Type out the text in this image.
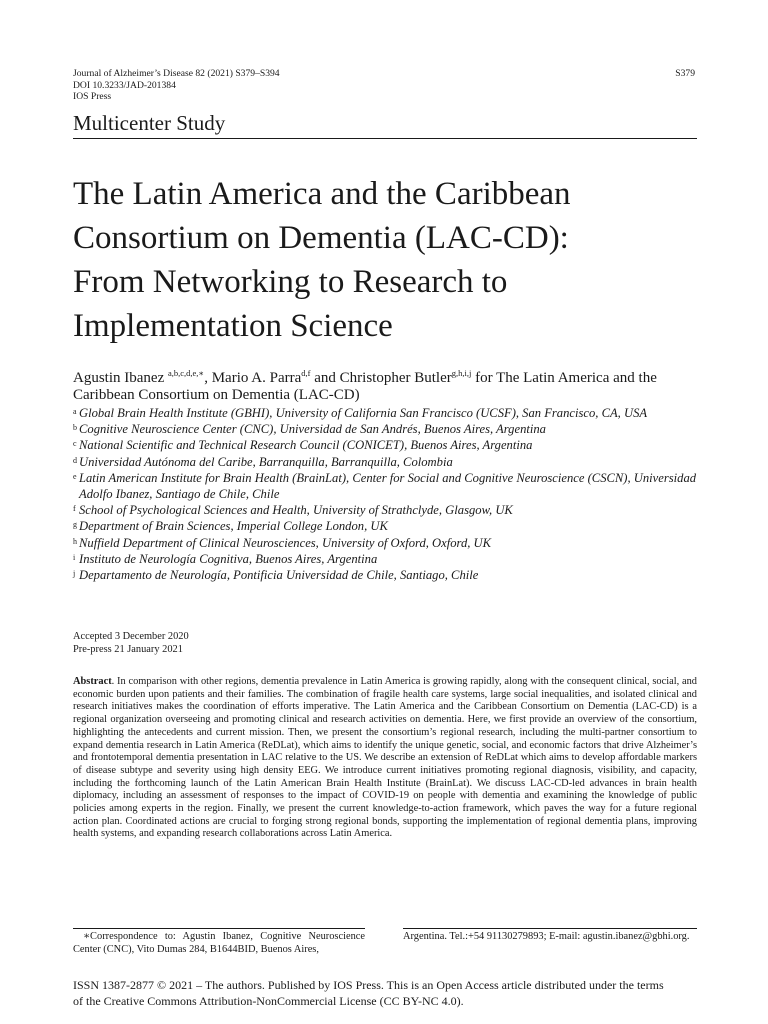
Journal of Alzheimer’s Disease 82 (2021) S379–S394
DOI 10.3233/JAD-201384
IOS Press
S379
Multicenter Study
The Latin America and the Caribbean
Consortium on Dementia (LAC-CD):
From Networking to Research to
Implementation Science
Agustin Ibanez $^{a,b,c,d,e,∗}$, Mario A. Parra$^{d,f}$ and Christopher Butler$^{g,h,i,j}$ for The Latin America and the Caribbean Consortium on Dementia (LAC-CD)
a Global Brain Health Institute (GBHI), University of California San Francisco (UCSF), San Francisco, CA, USA
b Cognitive Neuroscience Center (CNC), Universidad de San Andrés, Buenos Aires, Argentina
c National Scientific and Technical Research Council (CONICET), Buenos Aires, Argentina
d Universidad Autónoma del Caribe, Barranquilla, Barranquilla, Colombia
e Latin American Institute for Brain Health (BrainLat), Center for Social and Cognitive Neuroscience (CSCN), Universidad Adolfo Ibanez, Santiago de Chile, Chile
f School of Psychological Sciences and Health, University of Strathclyde, Glasgow, UK
g Department of Brain Sciences, Imperial College London, UK
h Nuffield Department of Clinical Neurosciences, University of Oxford, Oxford, UK
i Instituto de Neurología Cognitiva, Buenos Aires, Argentina
j Departamento de Neurología, Pontificia Universidad de Chile, Santiago, Chile
Accepted 3 December 2020
Pre-press 21 January 2021
Abstract. In comparison with other regions, dementia prevalence in Latin America is growing rapidly, along with the consequent clinical, social, and economic burden upon patients and their families. The combination of fragile health care systems, large social inequalities, and isolated clinical and research initiatives makes the coordination of efforts imperative. The Latin America and the Caribbean Consortium on Dementia (LAC-CD) is a regional organization overseeing and promoting clinical and research activities on dementia. Here, we first provide an overview of the consortium, highlighting the antecedents and current mission. Then, we present the consortium’s regional research, including the multi-partner consortium to expand dementia research in Latin America (ReDLat), which aims to identify the unique genetic, social, and economic factors that drive Alzheimer’s and frontotemporal dementia presentation in LAC relative to the US. We describe an extension of ReDLat which aims to develop affordable markers of disease subtype and severity using high density EEG. We introduce current initiatives promoting regional diagnosis, visibility, and capacity, including the forthcoming launch of the Latin American Brain Health Institute (BrainLat). We discuss LAC-CD-led advances in brain health diplomacy, including an assessment of responses to the impact of COVID-19 on people with dementia and examining the knowledge of public policies among experts in the region. Finally, we present the current knowledge-to-action framework, which paves the way for a future regional action plan. Coordinated actions are crucial to forging strong regional bonds, supporting the implementation of regional dementia plans, improving health systems, and expanding research collaborations across Latin America.
∗Correspondence to: Agustin Ibanez, Cognitive Neuroscience Center (CNC), Vito Dumas 284, B1644BID, Buenos Aires,
Argentina. Tel.:+54 91130279893; E-mail: agustin.ibanez@gbhi.org.
ISSN 1387-2877 © 2021 – The authors. Published by IOS Press. This is an Open Access article distributed under the terms
of the Creative Commons Attribution-NonCommercial License (CC BY-NC 4.0).
